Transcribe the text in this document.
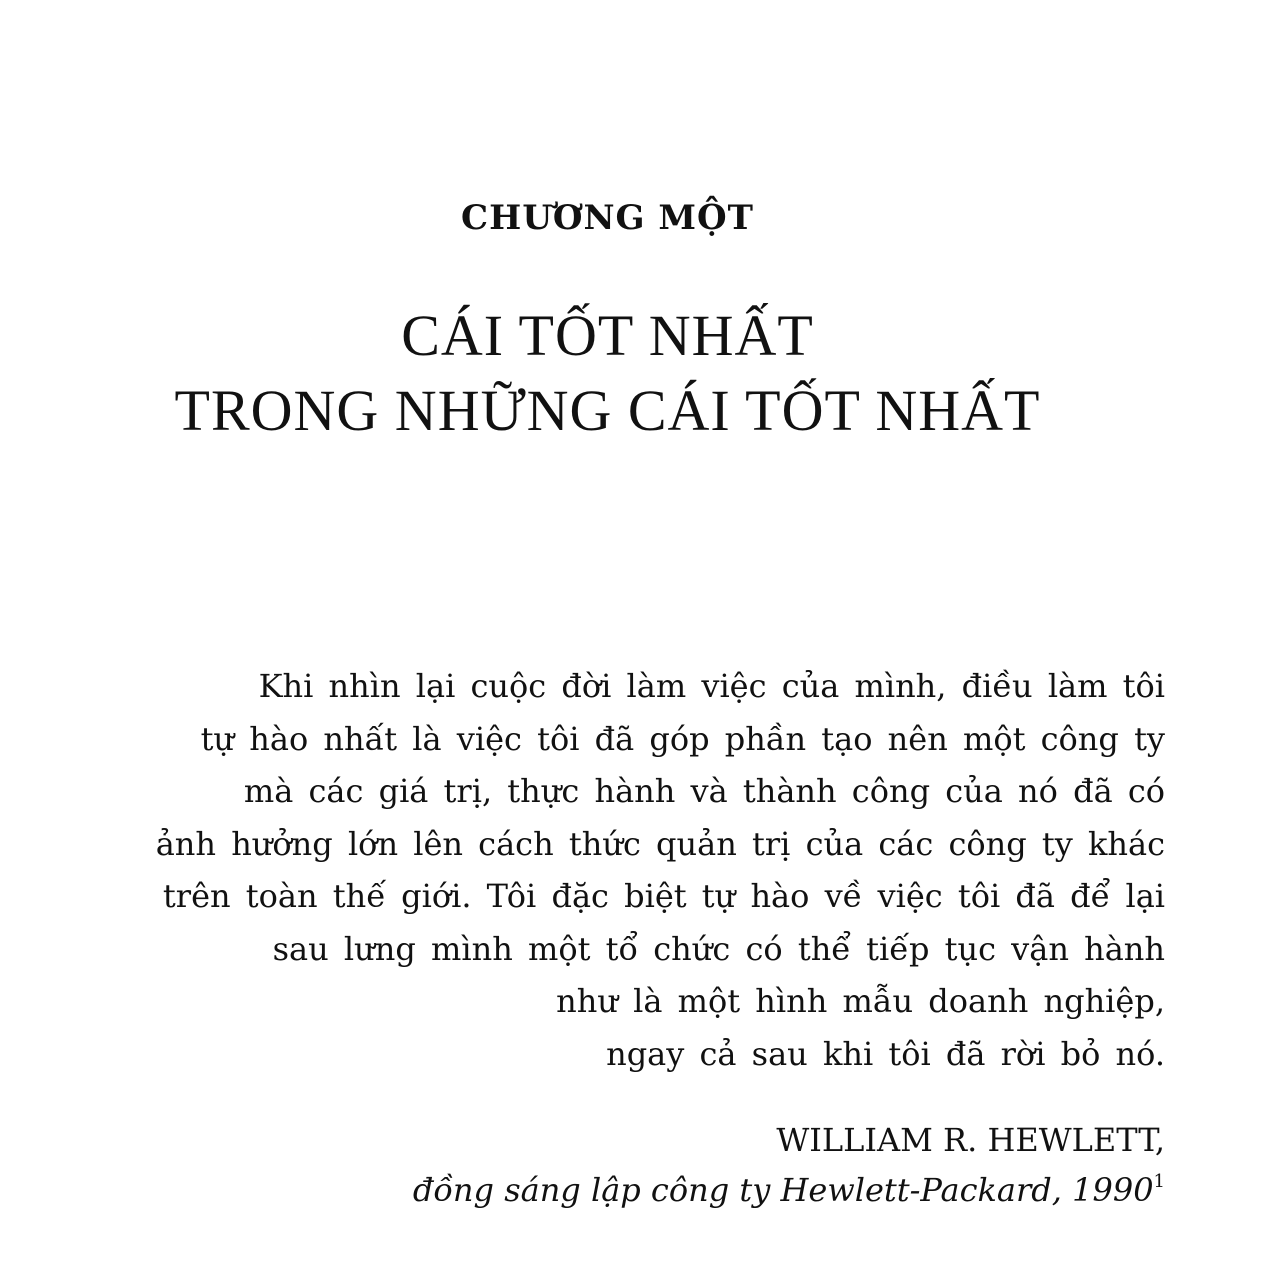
CHƯƠNG MỘT
CÁI TỐT NHẤT
TRONG NHỮNG CÁI TỐT NHẤT
Khi nhìn lại cuộc đời làm việc của mình, điều làm tôi
tự hào nhất là việc tôi đã góp phần tạo nên một công ty
mà các giá trị, thực hành và thành công của nó đã có
ảnh hưởng lớn lên cách thức quản trị của các công ty khác
trên toàn thế giới. Tôi đặc biệt tự hào về việc tôi đã để lại
sau lưng mình một tổ chức có thể tiếp tục vận hành
như là một hình mẫu doanh nghiệp,
ngay cả sau khi tôi đã rời bỏ nó.
WILLIAM R. HEWLETT,
đồng sáng lập công ty Hewlett-Packard, 1990$^1$
